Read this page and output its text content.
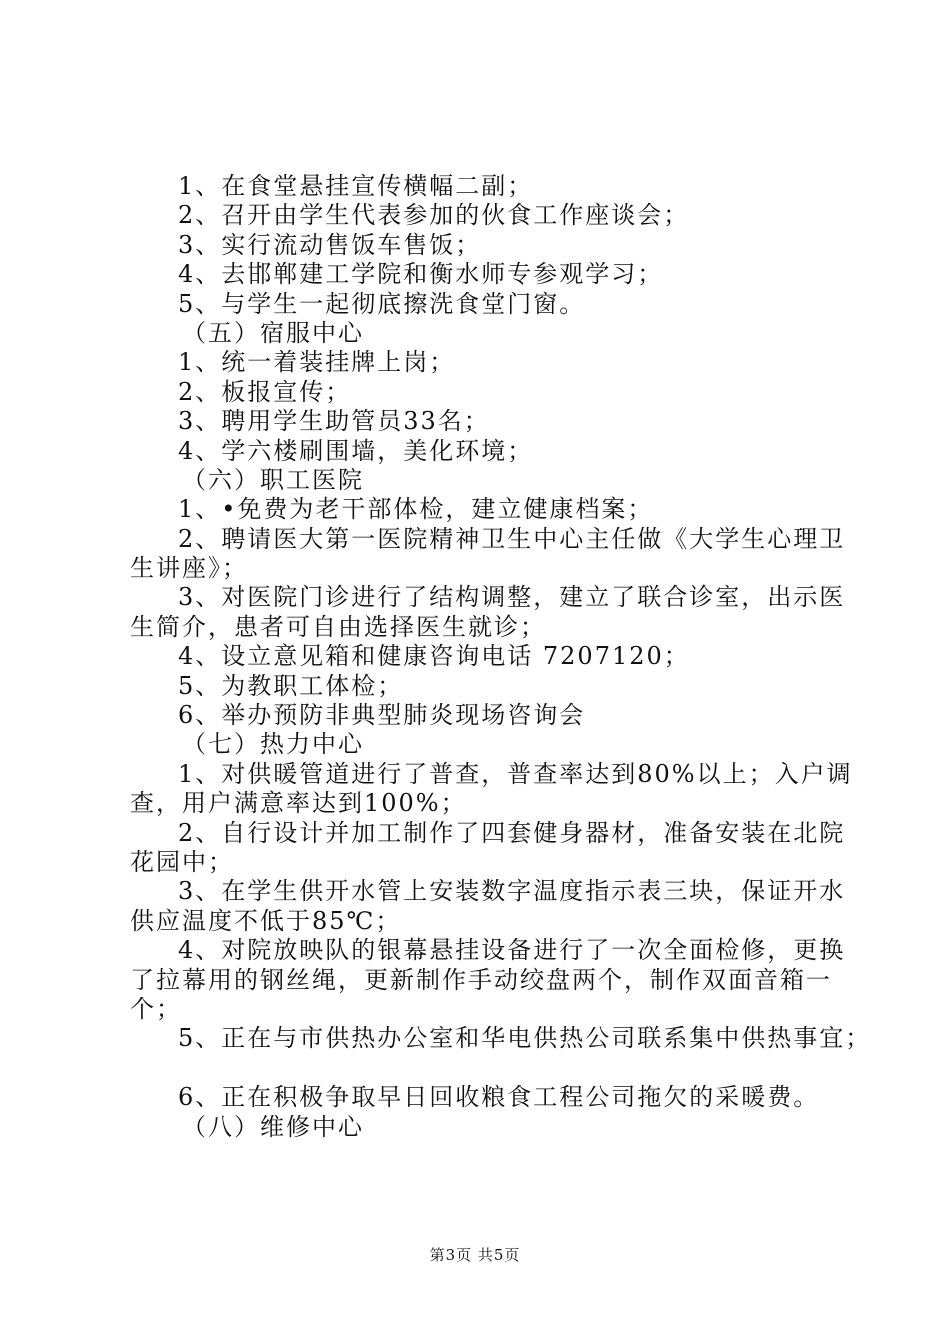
1、在食堂悬挂宣传横幅二副；
2、召开由学生代表参加的伙食工作座谈会；
3、实行流动售饭车售饭；
4、去邯郸建工学院和衡水师专参观学习；
5、与学生一起彻底擦洗食堂门窗。
（五）宿服中心
1、统一着装挂牌上岗；
2、板报宣传；
3、聘用学生助管员33名；
4、学六楼刷围墙，美化环境；
（六）职工医院
1、•免费为老干部体检，建立健康档案；
2、聘请医大第一医院精神卫生中心主任做《大学生心理卫
生讲座》；
3、对医院门诊进行了结构调整，建立了联合诊室，出示医
生简介，患者可自由选择医生就诊；
4、设立意见箱和健康咨询电话 7207120；
5、为教职工体检；
6、举办预防非典型肺炎现场咨询会
（七）热力中心
1、对供暖管道进行了普查，普查率达到80%以上；入户调
查，用户满意率达到100%；
2、自行设计并加工制作了四套健身器材，准备安装在北院
花园中；
3、在学生供开水管上安装数字温度指示表三块，保证开水
供应温度不低于85℃；
4、对院放映队的银幕悬挂设备进行了一次全面检修，更换
了拉幕用的钢丝绳，更新制作手动绞盘两个，制作双面音箱一
个；
5、正在与市供热办公室和华电供热公司联系集中供热事宜；
6、正在积极争取早日回收粮食工程公司拖欠的采暖费。
（八）维修中心
第3页 共5页
